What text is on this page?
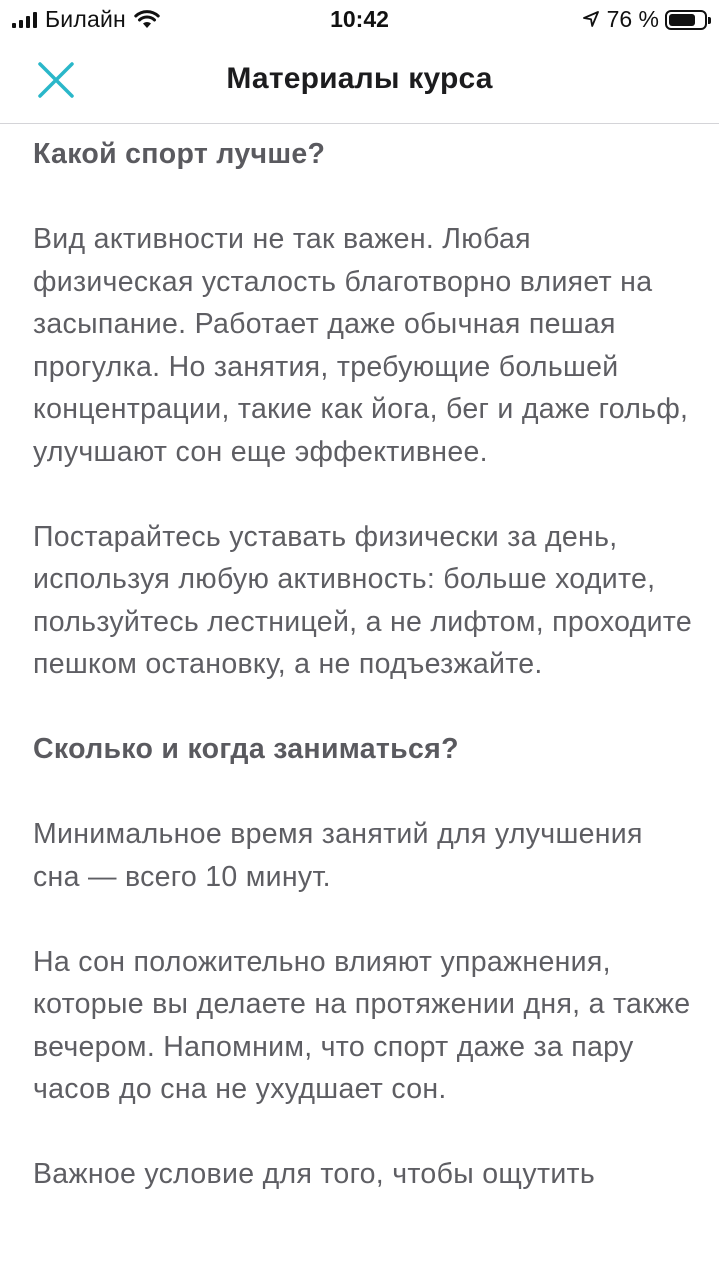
Билайн	10:42	76 %
Материалы курса
Какой спорт лучше?

Вид активности не так важен. Любая физическая усталость благотворно влияет на засыпание. Работает даже обычная пешая прогулка. Но занятия, требующие большей концентрации, такие как йога, бег и даже гольф, улучшают сон еще эффективнее.

Постарайтесь уставать физически за день, используя любую активность: больше ходите, пользуйтесь лестницей, а не лифтом, проходите пешком остановку, а не подъезжайте.

Сколько и когда заниматься?

Минимальное время занятий для улучшения сна — всего 10 минут.

На сон положительно влияют упражнения, которые вы делаете на протяжении дня, а также вечером. Напомним, что спорт даже за пару часов до сна не ухудшает сон.

Важное условие для того, чтобы ощутить
